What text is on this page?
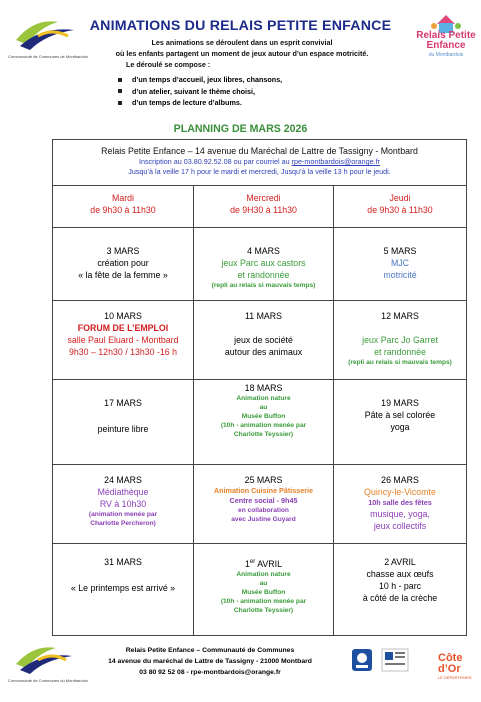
Communauté de Communes de Montbardois
ANIMATIONS DU RELAIS PETITE ENFANCE
Les animations se déroulent dans un esprit convivial
où les enfants partagent un moment de jeux autour d’un espace motricité.
Le déroulé se compose :
d’un temps d’accueil, jeux libres, chansons,
d’un atelier, suivant le thème choisi,
d’un temps de lecture d’albums.
Relais Petite
Enfance
du Montbardois
PLANNING DE MARS 2026
Relais Petite Enfance – 14 avenue du Maréchal de Lattre de Tassigny - Montbard
Inscription au 03.80.92.52.08 ou par courriel au rpe-montbardois@orange.fr
Jusqu’à la veille 17 h pour le mardi et mercredi, Jusqu’à la veille 13 h pour le jeudi.
Mardi
de 9h30 à 11h30
Mercredi
de 9H30 à 11h30
Jeudi
de 9h30 à 11h30
3 MARS
création pour
« la fête de la femme »
4 MARS
jeux Parc aux castors
et randonnée
(repli au relais si mauvais temps)
5 MARS
MJC
motricité
10 MARS
FORUM DE L’EMPLOI
salle Paul Eluard - Montbard
9h30 – 12h30 / 13h30 -16 h
11 MARS
jeux de société
autour des animaux
12 MARS
jeux Parc Jo Garret
et randonnée
(repli au relais si mauvais temps)
17 MARS
peinture libre
18 MARS
Animation nature
au
Musée Buffon
(10h - animation menée par
Charlotte Teyssier)
19 MARS
Pâte à sel colorée
yoga
24 MARS
Médiathèque
RV à 10h30
(animation menée par
Charlotte Percheron)
25 MARS
Animation Cuisine Pâtisserie
Centre social - 9h45
en collaboration
avec Justine Guyard
26 MARS
Quincy-le-Vicomte
10h salle des fêtes
musique, yoga,
jeux collectifs
31 MARS
« Le printemps est arrivé »
1er AVRIL
Animation nature
au
Musée Buffon
(10h - animation menée par
Charlotte Teyssier)
2 AVRIL
chasse aux œufs
10 h - parc
à côté de la crèche
Communauté de Communes du Montbardois
Relais Petite Enfance – Communauté de Communes
14 avenue du maréchal de Lattre de Tassigny - 21000 Montbard
03 80 92 52 08 - rpe-montbardois@orange.fr
Côte
d’Or
LE DÉPARTEMENT
